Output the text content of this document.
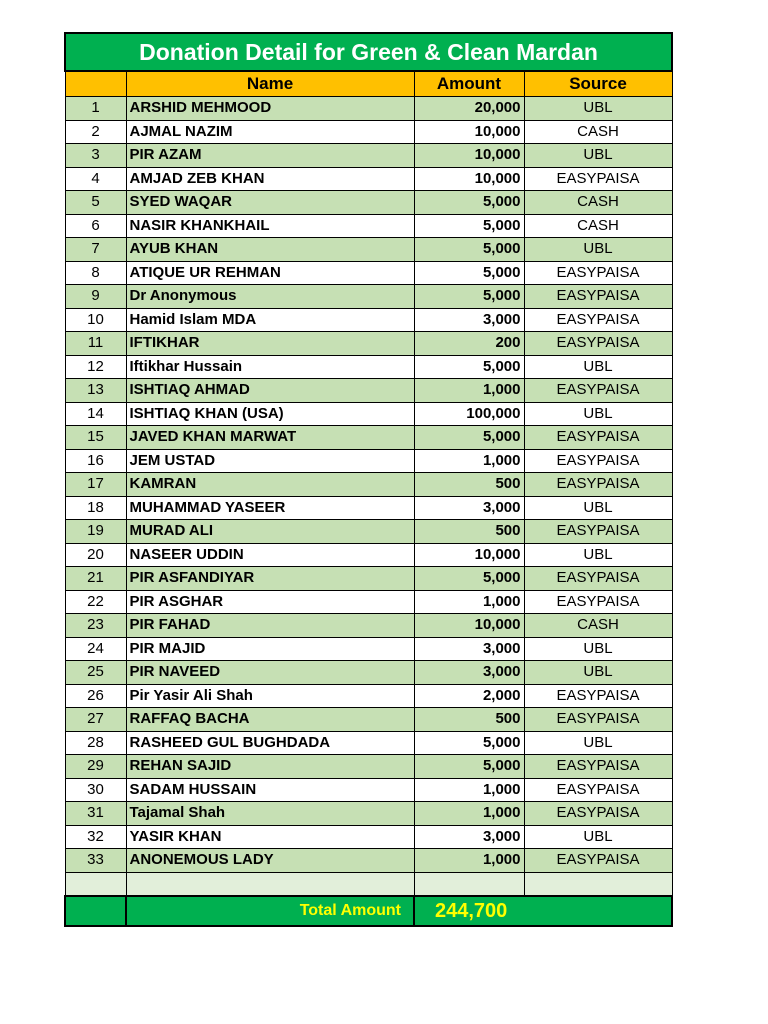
Donation Detail for Green & Clean Mardan			
	Name	Amount	Source
1	ARSHID MEHMOOD	20,000	UBL
2	AJMAL NAZIM	10,000	CASH
3	PIR AZAM	10,000	UBL
4	AMJAD ZEB KHAN	10,000	EASYPAISA
5	SYED WAQAR	5,000	CASH
6	NASIR KHANKHAIL	5,000	CASH
7	AYUB KHAN	5,000	UBL
8	ATIQUE UR REHMAN	5,000	EASYPAISA
9	Dr Anonymous	5,000	EASYPAISA
10	Hamid Islam MDA	3,000	EASYPAISA
11	IFTIKHAR	200	EASYPAISA
12	Iftikhar Hussain	5,000	UBL
13	ISHTIAQ AHMAD	1,000	EASYPAISA
14	ISHTIAQ KHAN (USA)	100,000	UBL
15	JAVED KHAN MARWAT	5,000	EASYPAISA
16	JEM USTAD	1,000	EASYPAISA
17	KAMRAN	500	EASYPAISA
18	MUHAMMAD YASEER	3,000	UBL
19	MURAD ALI	500	EASYPAISA
20	NASEER UDDIN	10,000	UBL
21	PIR ASFANDIYAR	5,000	EASYPAISA
22	PIR ASGHAR	1,000	EASYPAISA
23	PIR FAHAD	10,000	CASH
24	PIR MAJID	3,000	UBL
25	PIR NAVEED	3,000	UBL
26	Pir Yasir Ali Shah	2,000	EASYPAISA
27	RAFFAQ BACHA	500	EASYPAISA
28	RASHEED GUL BUGHDADA	5,000	UBL
29	REHAN SAJID	5,000	EASYPAISA
30	SADAM HUSSAIN	1,000	EASYPAISA
31	Tajamal Shah	1,000	EASYPAISA
32	YASIR KHAN	3,000	UBL
33	ANONEMOUS LADY	1,000	EASYPAISA

	Total Amount	244,700	
